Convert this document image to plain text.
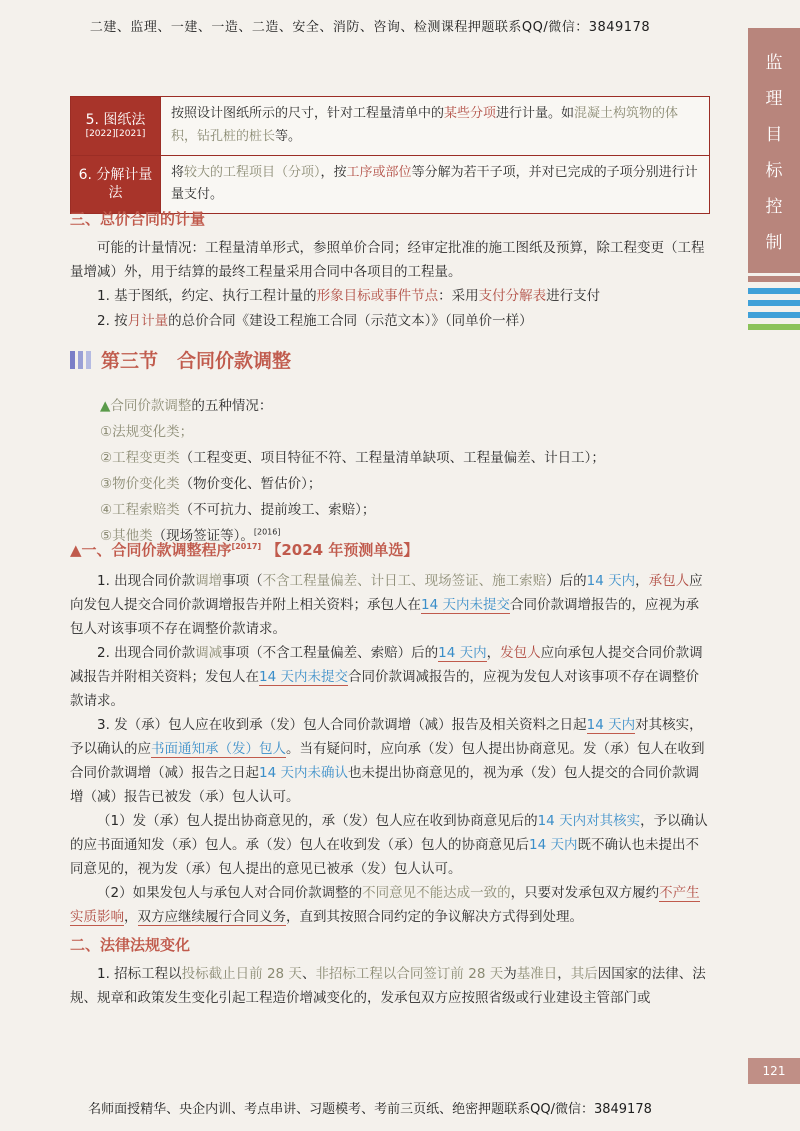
二建、监理、一建、一造、二造、安全、消防、咨询、检测课程押题联系QQ/微信：3849178
监
理
目
标
控
制
5. 图纸法
[2022][2021]	按照设计图纸所示的尺寸，针对工程量清单中的某些分项进行计量。如混凝土构筑物的体积，钻孔桩的桩长等。
6. 分解计量法	将较大的工程项目（分项），按工序或部位等分解为若干子项，并对已完成的子项分别进行计量支付。
三、总价合同的计量
可能的计量情况：工程量清单形式，参照单价合同；经审定批准的施工图纸及预算，除工程变更（工程量增减）外，用于结算的最终工程量采用合同中各项目的工程量。
1. 基于图纸，约定、执行工程计量的形象目标或事件节点：采用支付分解表进行支付
2. 按月计量的总价合同《建设工程施工合同（示范文本）》（同单价一样）
第三节　合同价款调整
▲合同价款调整的五种情况：
①法规变化类；
②工程变更类（工程变更、项目特征不符、工程量清单缺项、工程量偏差、计日工）；
③物价变化类（物价变化、暂估价）；
④工程索赔类（不可抗力、提前竣工、索赔）；
⑤其他类（现场签证等）。[2016]
▲一、合同价款调整程序[2017] 【2024 年预测单选】
1. 出现合同价款调增事项（不含工程量偏差、计日工、现场签证、施工索赔）后的14 天内，承包人应向发包人提交合同价款调增报告并附上相关资料；承包人在14 天内未提交合同价款调增报告的，应视为承包人对该事项不存在调整价款请求。
2. 出现合同价款调减事项（不含工程量偏差、索赔）后的14 天内，发包人应向承包人提交合同价款调减报告并附相关资料；发包人在14 天内未提交合同价款调减报告的，应视为发包人对该事项不存在调整价款请求。
3. 发（承）包人应在收到承（发）包人合同价款调增（减）报告及相关资料之日起14 天内对其核实，予以确认的应书面通知承（发）包人。当有疑问时，应向承（发）包人提出协商意见。发（承）包人在收到合同价款调增（减）报告之日起14 天内未确认也未提出协商意见的，视为承（发）包人提交的合同价款调增（减）报告已被发（承）包人认可。
（1）发（承）包人提出协商意见的，承（发）包人应在收到协商意见后的14 天内对其核实，予以确认的应书面通知发（承）包人。承（发）包人在收到发（承）包人的协商意见后14 天内既不确认也未提出不同意见的，视为发（承）包人提出的意见已被承（发）包人认可。
（2）如果发包人与承包人对合同价款调整的不同意见不能达成一致的，只要对发承包双方履约不产生实质影响，双方应继续履行合同义务，直到其按照合同约定的争议解决方式得到处理。
二、法律法规变化
1. 招标工程以投标截止日前 28 天、非招标工程以合同签订前 28 天为基准日，其后因国家的法律、法规、规章和政策发生变化引起工程造价增减变化的，发承包双方应按照省级或行业建设主管部门或
121
名师面授精华、央企内训、考点串讲、习题模考、考前三页纸、绝密押题联系QQ/微信：3849178
